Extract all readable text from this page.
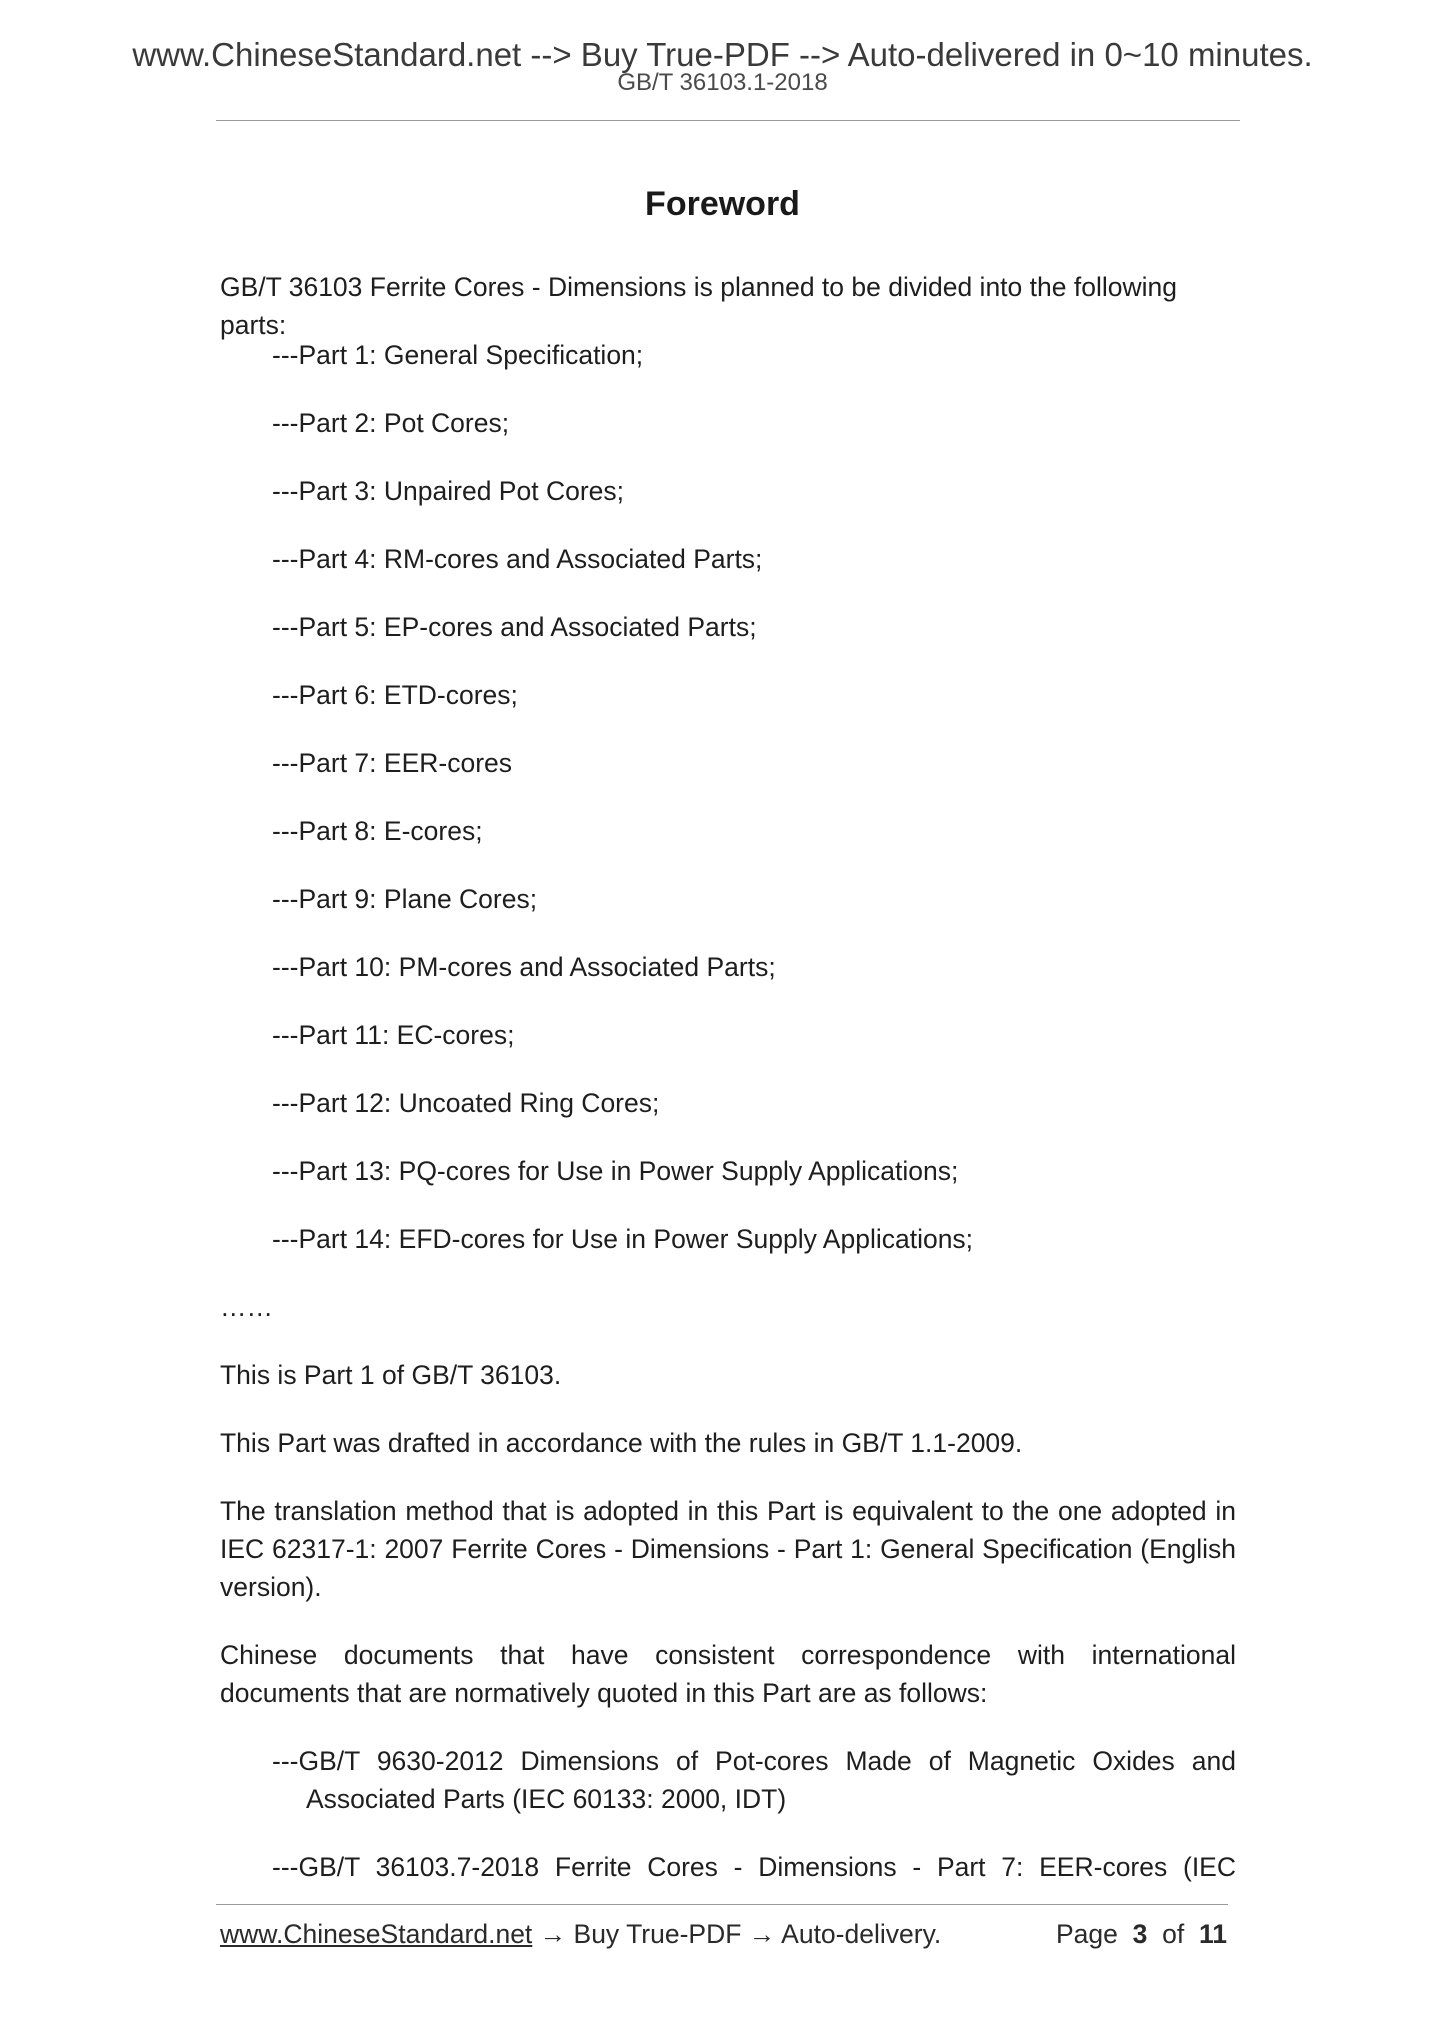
www.ChineseStandard.net --> Buy True-PDF --> Auto-delivered in 0~10 minutes.
GB/T 36103.1-2018
Foreword
GB/T 36103 Ferrite Cores - Dimensions is planned to be divided into the following parts:
---Part 1: General Specification;
---Part 2: Pot Cores;
---Part 3: Unpaired Pot Cores;
---Part 4: RM-cores and Associated Parts;
---Part 5: EP-cores and Associated Parts;
---Part 6: ETD-cores;
---Part 7: EER-cores
---Part 8: E-cores;
---Part 9: Plane Cores;
---Part 10: PM-cores and Associated Parts;
---Part 11: EC-cores;
---Part 12: Uncoated Ring Cores;
---Part 13: PQ-cores for Use in Power Supply Applications;
---Part 14: EFD-cores for Use in Power Supply Applications;
……
This is Part 1 of GB/T 36103.
This Part was drafted in accordance with the rules in GB/T 1.1-2009.
The translation method that is adopted in this Part is equivalent to the one adopted in IEC 62317-1: 2007 Ferrite Cores - Dimensions - Part 1: General Specification (English version).
Chinese documents that have consistent correspondence with international documents that are normatively quoted in this Part are as follows:
---GB/T 9630-2012 Dimensions of Pot-cores Made of Magnetic Oxides and
Associated Parts (IEC 60133: 2000, IDT)
---GB/T 36103.7-2018 Ferrite Cores - Dimensions - Part 7: EER-cores (IEC
www.ChineseStandard.net → Buy True-PDF → Auto-delivery.	Page 3 of 11
